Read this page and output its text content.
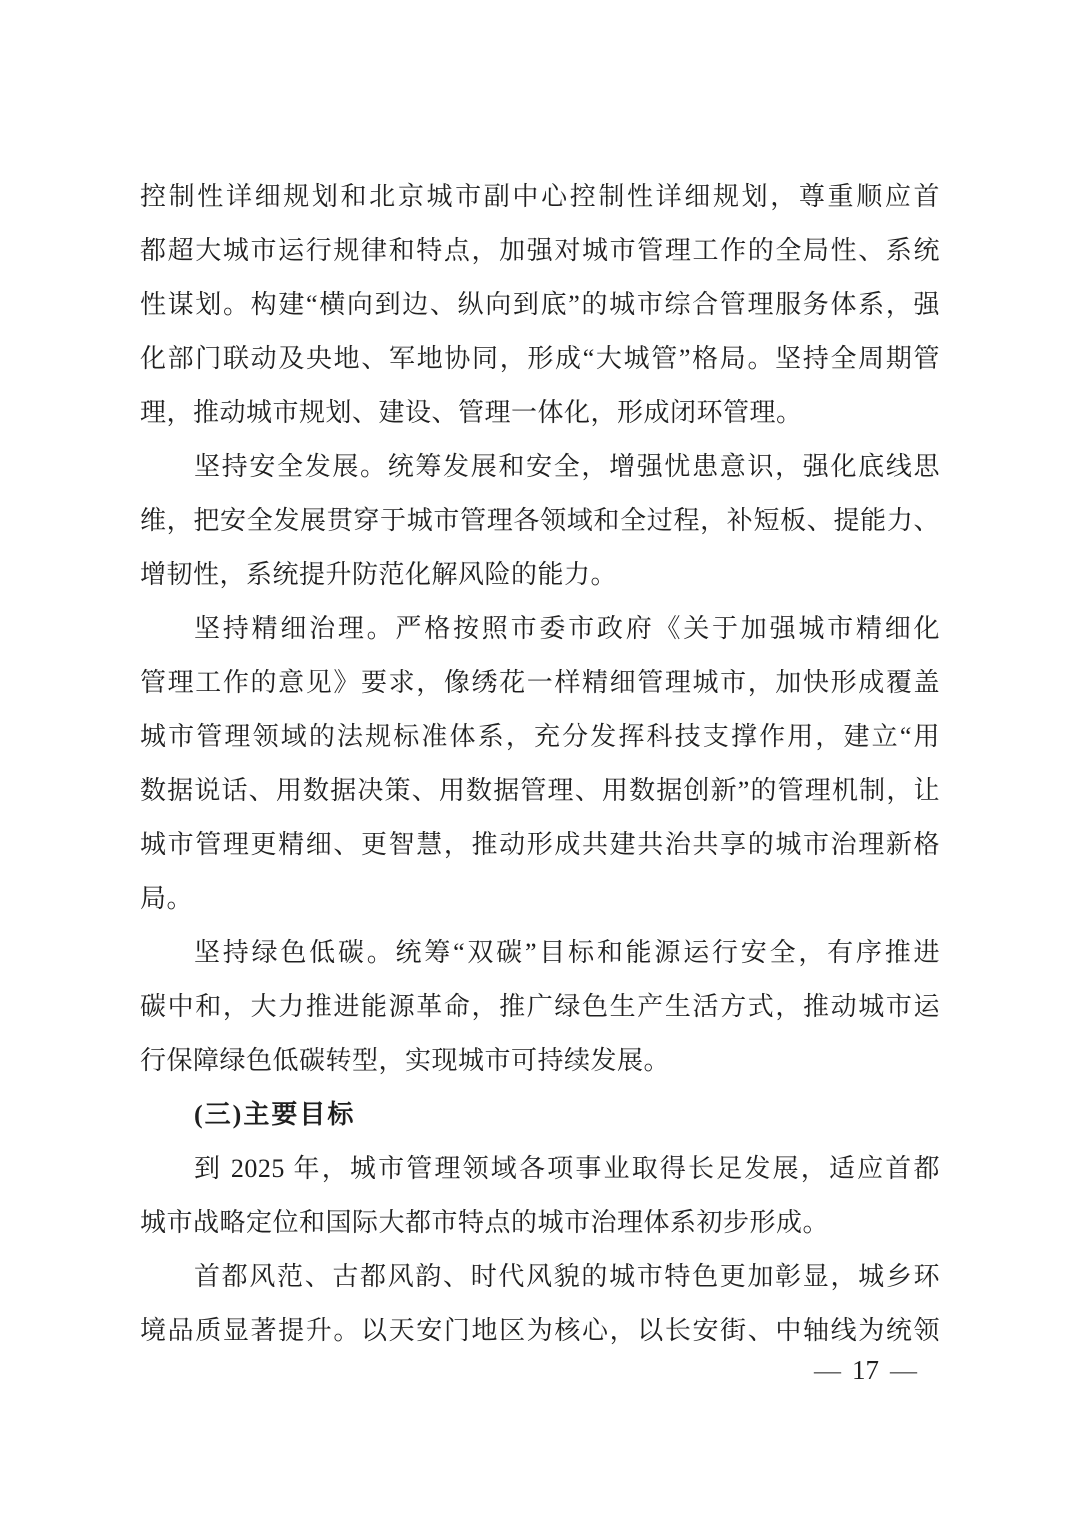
控制性详细规划和北京城市副中心控制性详细规划，尊重顺应首
都超大城市运行规律和特点，加强对城市管理工作的全局性、系统
性谋划。构建“横向到边、纵向到底”的城市综合管理服务体系，强
化部门联动及央地、军地协同，形成“大城管”格局。坚持全周期管
理，推动城市规划、建设、管理一体化，形成闭环管理。
坚持安全发展。统筹发展和安全，增强忧患意识，强化底线思
维，把安全发展贯穿于城市管理各领域和全过程，补短板、提能力、
增韧性，系统提升防范化解风险的能力。
坚持精细治理。严格按照市委市政府《关于加强城市精细化
管理工作的意见》要求，像绣花一样精细管理城市，加快形成覆盖
城市管理领域的法规标准体系，充分发挥科技支撑作用，建立“用
数据说话、用数据决策、用数据管理、用数据创新”的管理机制，让
城市管理更精细、更智慧，推动形成共建共治共享的城市治理新格
局。
坚持绿色低碳。统筹“双碳”目标和能源运行安全，有序推进
碳中和，大力推进能源革命，推广绿色生产生活方式，推动城市运
行保障绿色低碳转型，实现城市可持续发展。
(三)主要目标
到 2025 年，城市管理领域各项事业取得长足发展，适应首都
城市战略定位和国际大都市特点的城市治理体系初步形成。
首都风范、古都风韵、时代风貌的城市特色更加彰显，城乡环
境品质显著提升。以天安门地区为核心，以长安街、中轴线为统领
— 17 —
